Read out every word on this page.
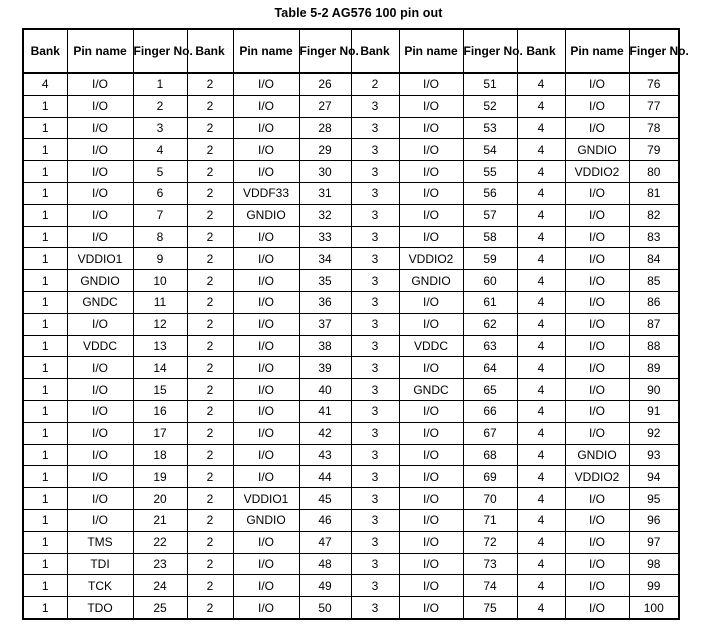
Table 5-2 AG576 100 pin out
Bank	Pin name	Finger No.	Bank	Pin name	Finger No.	Bank	Pin name	Finger No.	Bank	Pin name	Finger No.
4	I/O	1	2	I/O	26	2	I/O	51	4	I/O	76
1	I/O	2	2	I/O	27	3	I/O	52	4	I/O	77
1	I/O	3	2	I/O	28	3	I/O	53	4	I/O	78
1	I/O	4	2	I/O	29	3	I/O	54	4	GNDIO	79
1	I/O	5	2	I/O	30	3	I/O	55	4	VDDIO2	80
1	I/O	6	2	VDDF33	31	3	I/O	56	4	I/O	81
1	I/O	7	2	GNDIO	32	3	I/O	57	4	I/O	82
1	I/O	8	2	I/O	33	3	I/O	58	4	I/O	83
1	VDDIO1	9	2	I/O	34	3	VDDIO2	59	4	I/O	84
1	GNDIO	10	2	I/O	35	3	GNDIO	60	4	I/O	85
1	GNDC	11	2	I/O	36	3	I/O	61	4	I/O	86
1	I/O	12	2	I/O	37	3	I/O	62	4	I/O	87
1	VDDC	13	2	I/O	38	3	VDDC	63	4	I/O	88
1	I/O	14	2	I/O	39	3	I/O	64	4	I/O	89
1	I/O	15	2	I/O	40	3	GNDC	65	4	I/O	90
1	I/O	16	2	I/O	41	3	I/O	66	4	I/O	91
1	I/O	17	2	I/O	42	3	I/O	67	4	I/O	92
1	I/O	18	2	I/O	43	3	I/O	68	4	GNDIO	93
1	I/O	19	2	I/O	44	3	I/O	69	4	VDDIO2	94
1	I/O	20	2	VDDIO1	45	3	I/O	70	4	I/O	95
1	I/O	21	2	GNDIO	46	3	I/O	71	4	I/O	96
1	TMS	22	2	I/O	47	3	I/O	72	4	I/O	97
1	TDI	23	2	I/O	48	3	I/O	73	4	I/O	98
1	TCK	24	2	I/O	49	3	I/O	74	4	I/O	99
1	TDO	25	2	I/O	50	3	I/O	75	4	I/O	100
